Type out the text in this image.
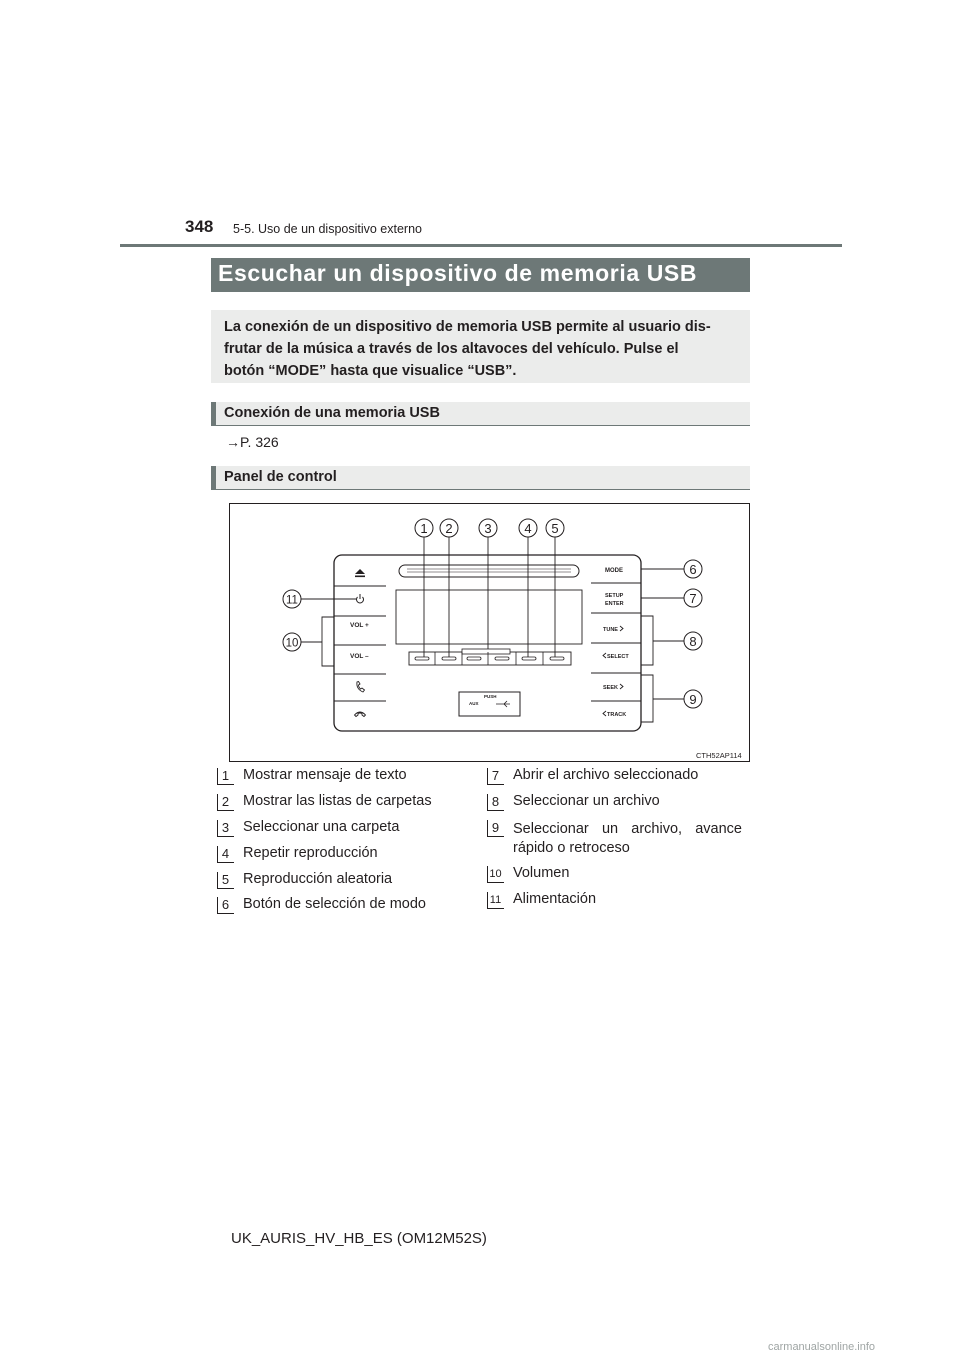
348 5-5. Uso de un dispositivo externo
Escuchar un dispositivo de memoria USB
La conexión de un dispositivo de memoria USB permite al usuario dis-
frutar de la música a través de los altavoces del vehículo. Pulse el
botón “MODE” hasta que visualice “USB”.
Conexión de una memoria USB
→P. 326
Panel de control
VOL +
VOL –
PUSH
AUX
MODE
SETUP
ENTER
TUNE
SELECT
SEEK
TRACK
1 2 3	4 5
6
7
8
9
10
11
CTH52AP114
1 Mostrar mensaje de texto
2 Mostrar las listas de carpetas
3 Seleccionar una carpeta
4 Repetir reproducción
5 Reproducción aleatoria
6 Botón de selección de modo
7 Abrir el archivo seleccionado
8 Seleccionar un archivo
9 Seleccionar un archivo, avance
rápido o retroceso
10 Volumen
11 Alimentación
UK_AURIS_HV_HB_ES (OM12M52S)
carmanualsonline.info
